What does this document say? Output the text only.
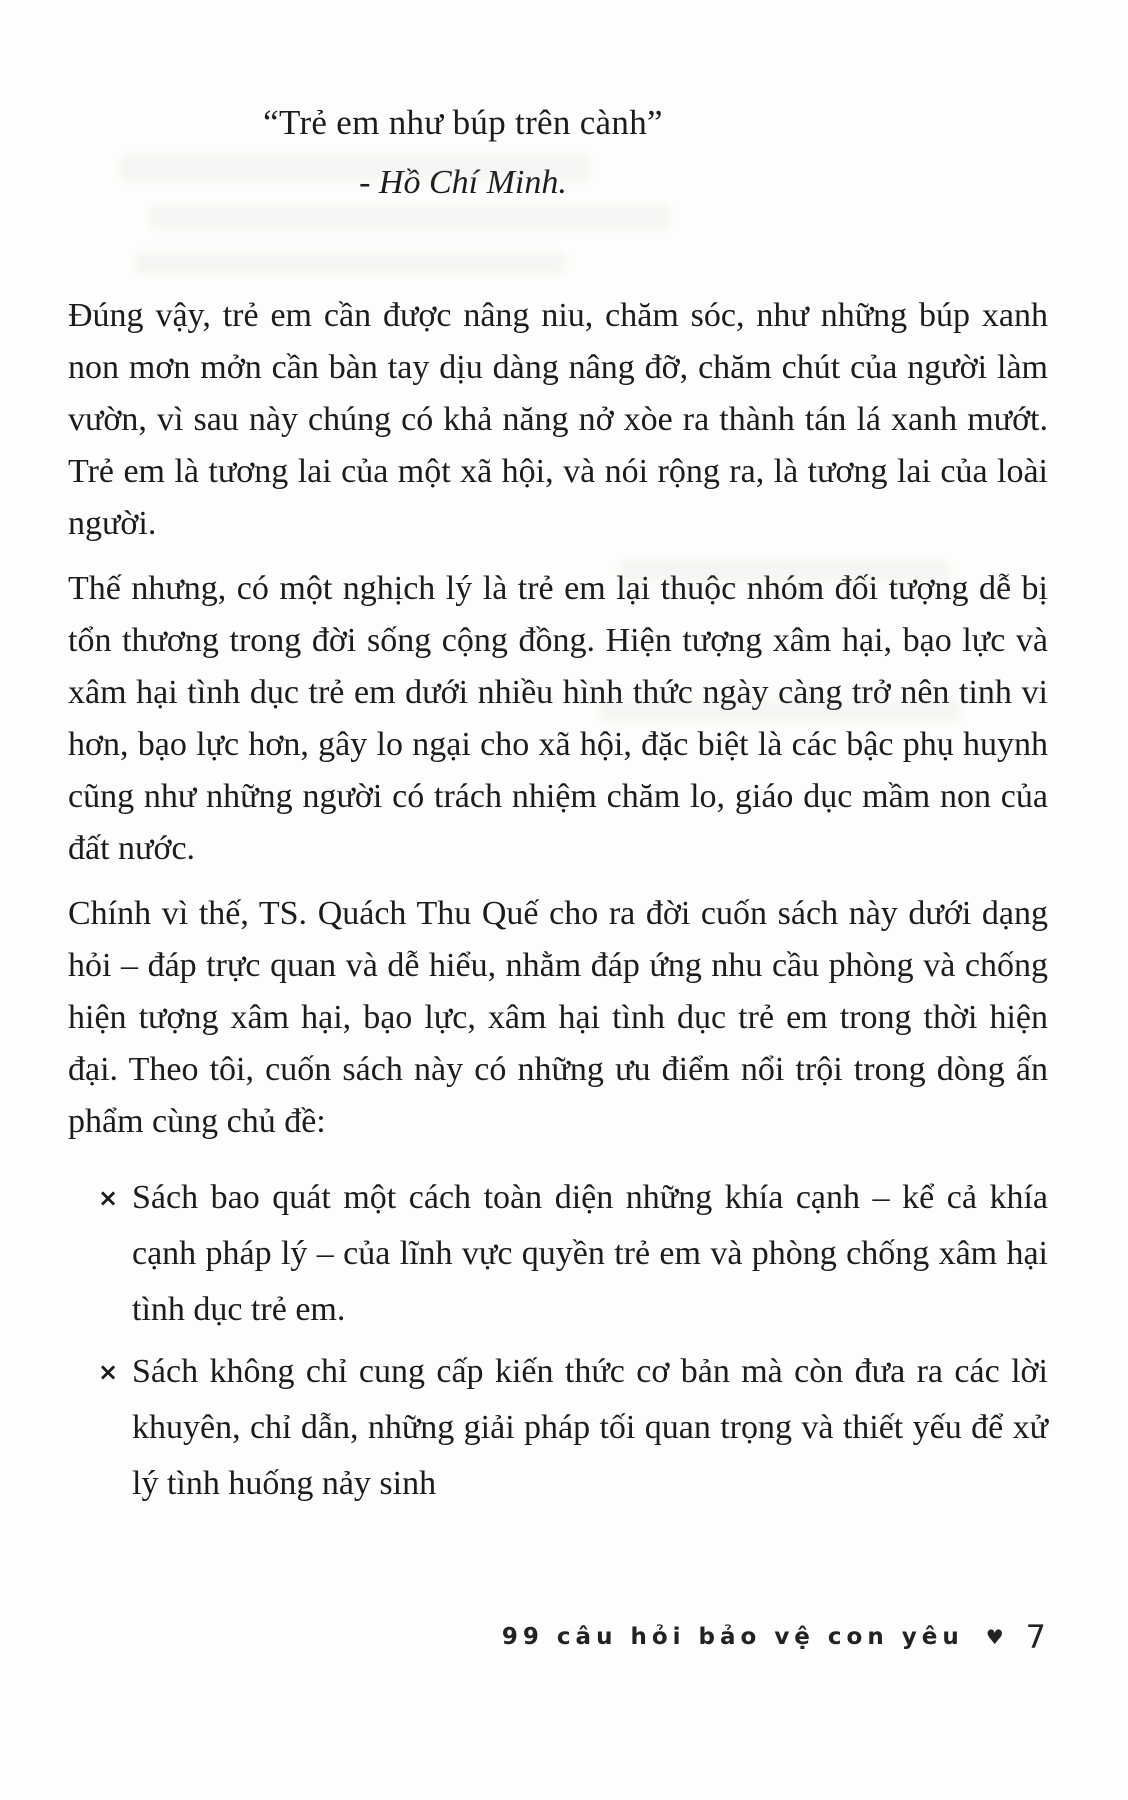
“Trẻ em như búp trên cành”
- Hồ Chí Minh.

Đúng vậy, trẻ em cần được nâng niu, chăm sóc, như những búp xanh non mơn mởn cần bàn tay dịu dàng nâng đỡ, chăm chút của người làm vườn, vì sau này chúng có khả năng nở xòe ra thành tán lá xanh mướt. Trẻ em là tương lai của một xã hội, và nói rộng ra, là tương lai của loài người.

Thế nhưng, có một nghịch lý là trẻ em lại thuộc nhóm đối tượng dễ bị tổn thương trong đời sống cộng đồng. Hiện tượng xâm hại, bạo lực và xâm hại tình dục trẻ em dưới nhiều hình thức ngày càng trở nên tinh vi hơn, bạo lực hơn, gây lo ngại cho xã hội, đặc biệt là các bậc phụ huynh cũng như những người có trách nhiệm chăm lo, giáo dục mầm non của đất nước.

Chính vì thế, TS. Quách Thu Quế cho ra đời cuốn sách này dưới dạng hỏi – đáp trực quan và dễ hiểu, nhằm đáp ứng nhu cầu phòng và chống hiện tượng xâm hại, bạo lực, xâm hại tình dục trẻ em trong thời hiện đại. Theo tôi, cuốn sách này có những ưu điểm nổi trội trong dòng ấn phẩm cùng chủ đề:

× Sách bao quát một cách toàn diện những khía cạnh – kể cả khía cạnh pháp lý – của lĩnh vực quyền trẻ em và phòng chống xâm hại tình dục trẻ em.
× Sách không chỉ cung cấp kiến thức cơ bản mà còn đưa ra các lời khuyên, chỉ dẫn, những giải pháp tối quan trọng và thiết yếu để xử lý tình huống nảy sinh
99 câu hỏi bảo vệ con yêu ♥ 7
